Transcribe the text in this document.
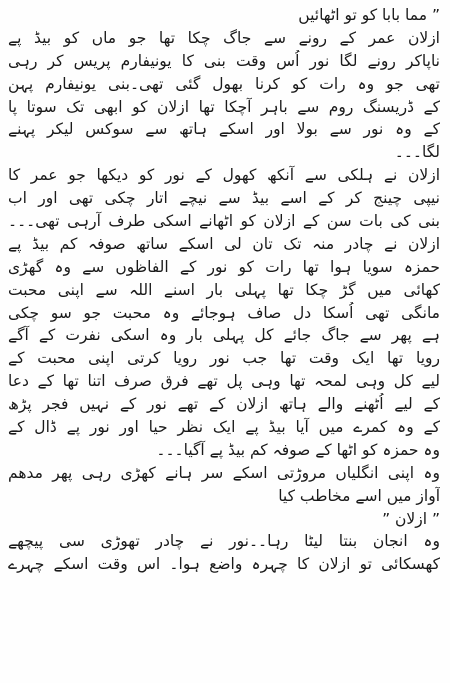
” مما بابا کو تو اٹھائیں
ازلان عمر کے رونے سے جاگ چکا تھا جو ماں کو بیڈ پے
ناپاکر رونے لگا نور اُس وقت بنی کا یونیفارم پریس کر رہی
تھی جو وہ رات کو کرنا بھول گئی تھی۔بنی یونیفارم پہن
کے ڈریسنگ روم سے باہر آچکا تھا ازلان کو ابھی تک سوتا پا
کے وہ نور سے بولا اور اسکے ہاتھ سے سوکس لیکر پہنے
لگا۔۔۔
ازلان نے ہلکی سے آنکھ کھول کے نور کو دیکھا جو عمر کا
نیپی چینج کر کے اسے بیڈ سے نیچے اتار چکی تھی اور اب
بنی کی بات سن کے ازلان کو اٹھانے اسکی طرف آرہی تھی۔۔۔
ازلان نے چادر منہ تک تان لی اسکے ساتھ صوفہ کم بیڈ پے
حمزہ سویا ہوا تھا رات کو نور کے الفاظوں سے وہ گھڑی
کھائی میں گڑ چکا تھا پہلی بار اسنے اللہ سے اپنی محبت
مانگی تھی اُسکا دل صاف ہوجائے وہ محبت جو سو چکی
ہے پھر سے جاگ جائے کل پہلی بار وہ اسکی نفرت کے آگے
رویا تھا ایک وقت تھا جب نور رویا کرتی اپنی محبت کے
لیے کل وہی لمحہ تھا وہی پل تھے فرق صرف اتنا تھا کے دعا
کے لیے اُٹھنے والے ہاتھ ازلان کے تھے نور کے نہیں فجر پڑھ
کے وہ کمرے میں آیا بیڈ پے ایک نظر حیا اور نور پے ڈال کے
وہ حمزہ کو اٹھا کے صوفہ کم بیڈ پے آگیا۔۔۔
وہ اپنی انگلیاں مروڑتی اسکے سر ہانے کھڑی رہی پھر مدھم
آواز میں اسے مخاطب کیا
” ازلان ”
وہ انجان بنتا لیٹا رہا۔۔نور نے چادر تھوڑی سی پیچھے
کھسکائی تو ازلان کا چہرہ واضع ہوا۔ اس وقت اسکے چہرے
